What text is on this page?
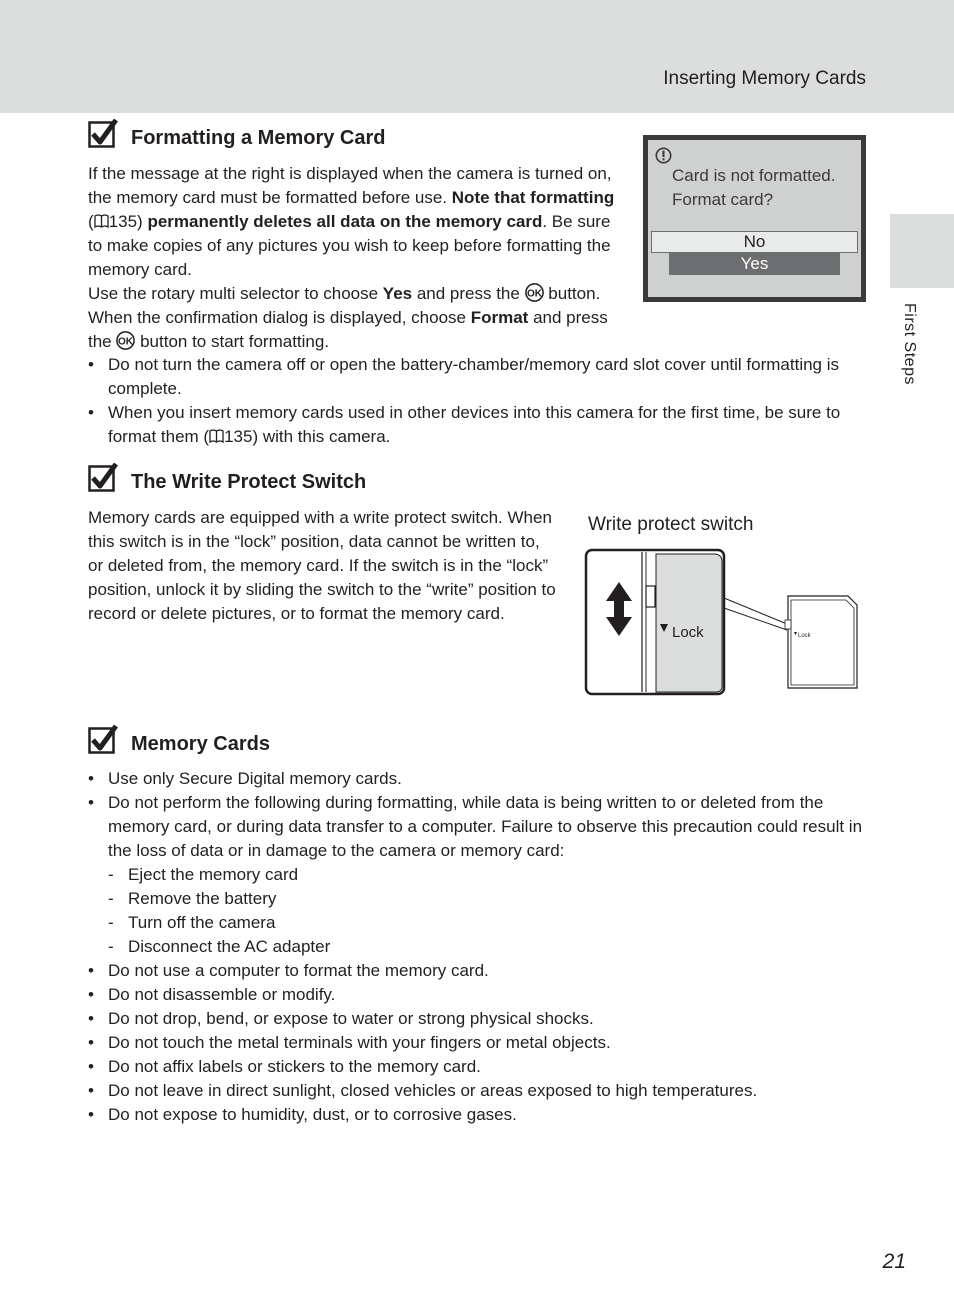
Inserting Memory Cards
First Steps
Formatting a Memory Card

If the message at the right is displayed when the camera is turned on, the memory card must be formatted before use. Note that formatting ( 135) permanently deletes all data on the memory card. Be sure to make copies of any pictures you wish to keep before formatting the memory card.

Use the rotary multi selector to choose Yes and press the OK button. When the confirmation dialog is displayed, choose Format and press the OK button to start formatting.

• Do not turn the camera off or open the battery-chamber/memory card slot cover until formatting is complete.
• When you insert memory cards used in other devices into this camera for the first time, be sure to format them ( 135) with this camera.
Card is not formatted.
Format card?
No
Yes
The Write Protect Switch
Memory cards are equipped with a write protect switch. When this switch is in the “lock” position, data cannot be written to, or deleted from, the memory card. If the switch is in the “lock” position, unlock it by sliding the switch to the “write” position to record or delete pictures, or to format the memory card.
Write protect switch
Lock	Lock
Memory Cards
• Use only Secure Digital memory cards.
• Do not perform the following during formatting, while data is being written to or deleted from the memory card, or during data transfer to a computer. Failure to observe this precaution could result in the loss of data or in damage to the camera or memory card:
- Eject the memory card
- Remove the battery
- Turn off the camera
- Disconnect the AC adapter
• Do not use a computer to format the memory card.
• Do not disassemble or modify.
• Do not drop, bend, or expose to water or strong physical shocks.
• Do not touch the metal terminals with your fingers or metal objects.
• Do not affix labels or stickers to the memory card.
• Do not leave in direct sunlight, closed vehicles or areas exposed to high temperatures.
• Do not expose to humidity, dust, or to corrosive gases.
21
